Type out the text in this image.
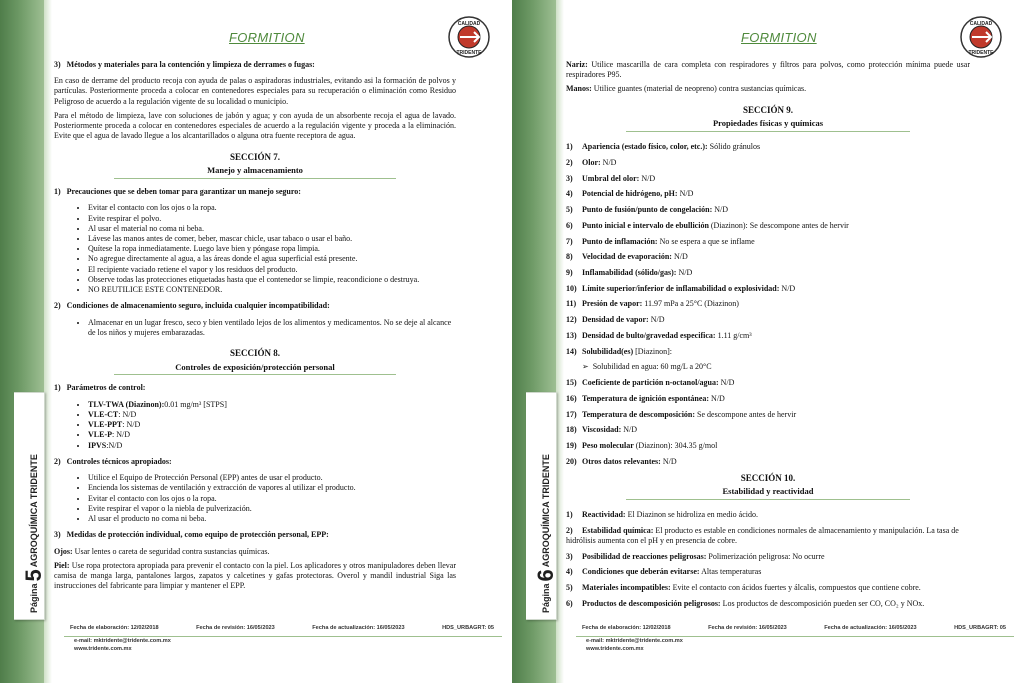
Página5AGROQUÍMICA TRIDENTE
FORMITION
CALIDAD
TRIDENTE

3)   Métodos y materiales para la contención y limpieza de derrames o fugas:

En caso de derrame del producto recoja con ayuda de palas o aspiradoras industriales, evitando asi la formación de polvos y partículas. Posteriormente proceda a colocar en contenedores especiales para su recuperación o eliminación como Residuo Peligroso de acuerdo a la regulación vigente de su localidad o municipio.

Para el método de limpieza, lave con soluciones de jabón y agua; y con ayuda de un absorbente recoja el agua de lavado. Posteriormente proceda a colocar en contenedores especiales de acuerdo a la regulación vigente y proceda a la eliminación. Evite que el agua de lavado llegue a los alcantarillados o alguna otra fuente receptora de agua.

SECCIÓN 7.
Manejo y almacenamiento

1)   Precauciones que se deben tomar para garantizar un manejo seguro:

• Evitar el contacto con los ojos o la ropa.
• Evite respirar el polvo.
• Al usar el material no coma ni beba.
• Lávese las manos antes de comer, beber, mascar chicle, usar tabaco o usar el baño.
• Quítese la ropa inmediatamente. Luego lave bien y póngase ropa limpia.
• No agregue directamente al agua, a las áreas donde el agua superficial está presente.
• El recipiente vaciado retiene el vapor y los residuos del producto.
• Observe todas las protecciones etiquetadas hasta que el contenedor se limpie, reacondicione o destruya.
• NO REUTILICE ESTE CONTENEDOR.

2)   Condiciones de almacenamiento seguro, incluida cualquier incompatibilidad:

• Almacenar en un lugar fresco, seco y bien ventilado lejos de los alimentos y medicamentos. No se deje al alcance de los niños y mujeres embarazadas.
SECCIÓN 8.
Controles de exposición/protección personal

1)   Parámetros de control:

• TLV-TWA (Diazinon):0.01 mg/m³ [STPS]
• VLE-CT: N/D
• VLE-PPT: N/D
• VLE-P: N/D
• IPVS:N/D

2)   Controles técnicos apropiados:

• Utilice el Equipo de Protección Personal (EPP) antes de usar el producto.
• Encienda los sistemas de ventilación y extracción de vapores al utilizar el producto.
• Evitar el contacto con los ojos o la ropa.
• Evite respirar el vapor o la niebla de pulverización.
• Al usar el producto no coma ni beba.

3)   Medidas de protección individual, como equipo de protección personal, EPP:

Ojos: Usar lentes o careta de seguridad contra sustancias químicas.

Piel: Use ropa protectora apropiada para prevenir el contacto con la piel. Los aplicadores y otros manipuladores deben llevar camisa de manga larga, pantalones largos, zapatos y calcetines y gafas protectoras. Overol y mandil industrial Siga las instrucciones del fabricante para limpiar y mantener el EPP.

Fecha de elaboración: 12/02/2018	Fecha de revisión: 16/05/2023	Fecha de actualización: 16/05/2023	HDS_URBAGRT: 05
e-mail: mktridente@tridente.com.mx
www.tridente.com.mx
Página6AGROQUÍMICA TRIDENTE
FORMITION
CALIDAD
TRIDENTE

Nariz: Utilice mascarilla de cara completa con respiradores y filtros para polvos, como protección mínima puede usar respiradores P95.

Manos: Utilice guantes (material de neopreno) contra sustancias químicas.

SECCIÓN 9.
Propiedades físicas y químicas
1) Apariencia (estado físico, color, etc.): Sólido gránulos
2) Olor: N/D
3) Umbral del olor: N/D
4) Potencial de hidrógeno, pH: N/D
5) Punto de fusión/punto de congelación: N/D
6) Punto inicial e intervalo de ebullición (Diazinon): Se descompone antes de hervir
7) Punto de inflamación: No se espera a que se inflame
8) Velocidad de evaporación: N/D
9) Inflamabilidad (sólido/gas): N/D
10) Límite superior/inferior de inflamabilidad o explosividad: N/D
11) Presión de vapor: 11.97 mPa a 25°C (Diazinon)
12) Densidad de vapor: N/D
13) Densidad de bulto/gravedad especifica: 1.11 g/cm³
14) Solubilidad(es) [Diazinon]:
➢  Solubilidad en agua: 60 mg/L a 20°C
15) Coeficiente de partición n-octanol/agua: N/D
16) Temperatura de ignición espontánea: N/D
17) Temperatura de descomposición: Se descompone antes de hervir
18) Viscosidad: N/D
19) Peso molecular (Diazinon): 304.35 g/mol
20) Otros datos relevantes: N/D
SECCIÓN 10.
Estabilidad y reactividad
1) Reactividad: El Diazinon se hidroliza en medio ácido.
2) Estabilidad química: El producto es estable en condiciones normales de almacenamiento y manipulación. La tasa de hidrólisis aumenta con el pH y en presencia de cobre.
3) Posibilidad de reacciones peligrosas: Polimerización peligrosa: No ocurre
4) Condiciones que deberán evitarse: Altas temperaturas
5) Materiales incompatibles: Evite el contacto con ácidos fuertes y álcalis, compuestos que contiene cobre.
6) Productos de descomposición peligrosos: Los productos de descomposición pueden ser CO, CO₂ y NOx.
Fecha de elaboración: 12/02/2018	Fecha de revisión: 16/05/2023	Fecha de actualización: 16/05/2023	HDS_URBAGRT: 05
e-mail: mktridente@tridente.com.mx
www.tridente.com.mx
